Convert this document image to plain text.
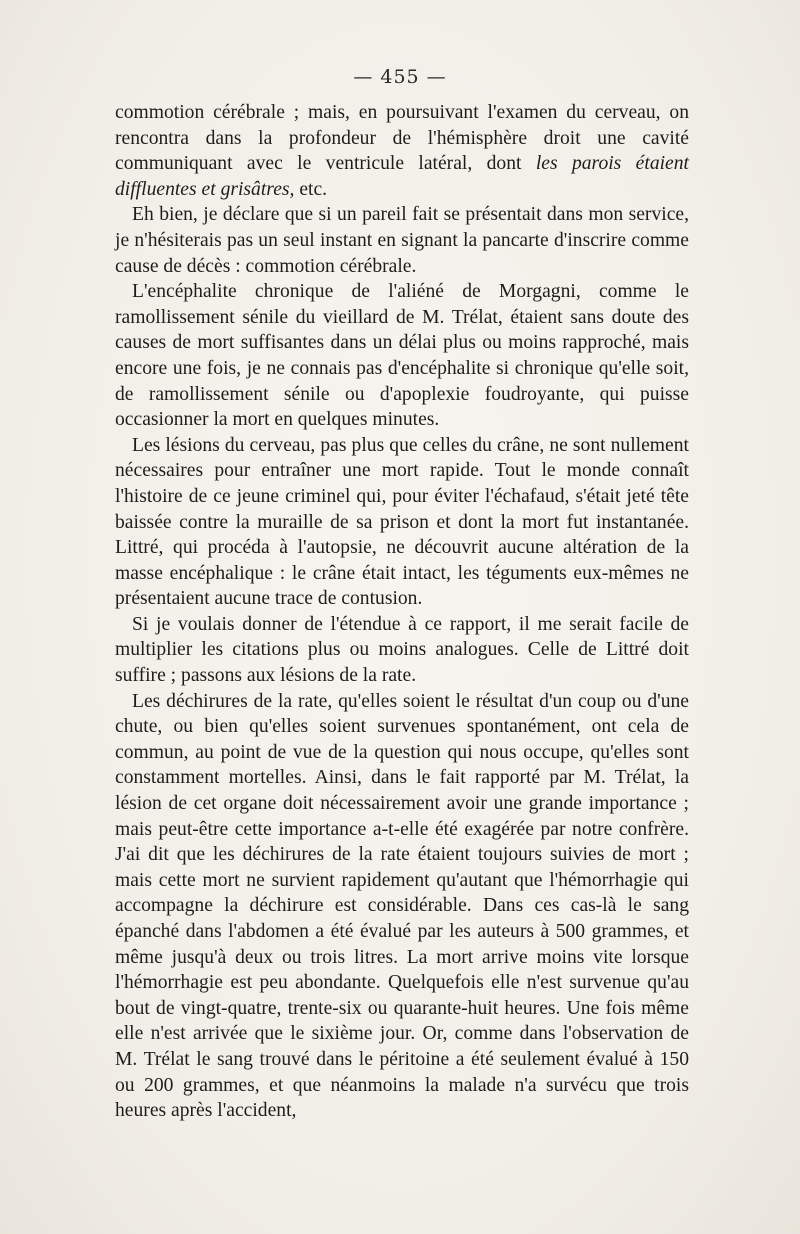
— 455 —

commotion cérébrale ; mais, en poursuivant l'examen du cerveau, on rencontra dans la profondeur de l'hémisphère droit une cavité communiquant avec le ventricule latéral, dont les parois étaient diffluentes et grisâtres, etc.

Eh bien, je déclare que si un pareil fait se présentait dans mon service, je n'hésiterais pas un seul instant en signant la pancarte d'inscrire comme cause de décès : commotion cérébrale.

L'encéphalite chronique de l'aliéné de Morgagni, comme le ramollissement sénile du vieillard de M. Trélat, étaient sans doute des causes de mort suffisantes dans un délai plus ou moins rapproché, mais encore une fois, je ne connais pas d'encéphalite si chronique qu'elle soit, de ramollissement sénile ou d'apoplexie foudroyante, qui puisse occasionner la mort en quelques minutes.

Les lésions du cerveau, pas plus que celles du crâne, ne sont nullement nécessaires pour entraîner une mort rapide. Tout le monde connaît l'histoire de ce jeune criminel qui, pour éviter l'échafaud, s'était jeté tête baissée contre la muraille de sa prison et dont la mort fut instantanée. Littré, qui procéda à l'autopsie, ne découvrit aucune altération de la masse encéphalique : le crâne était intact, les téguments eux-mêmes ne présentaient aucune trace de contusion.

Si je voulais donner de l'étendue à ce rapport, il me serait facile de multiplier les citations plus ou moins analogues. Celle de Littré doit suffire ; passons aux lésions de la rate.

Les déchirures de la rate, qu'elles soient le résultat d'un coup ou d'une chute, ou bien qu'elles soient survenues spontanément, ont cela de commun, au point de vue de la question qui nous occupe, qu'elles sont constamment mortelles. Ainsi, dans le fait rapporté par M. Trélat, la lésion de cet organe doit nécessairement avoir une grande importance ; mais peut-être cette importance a-t-elle été exagérée par notre confrère. J'ai dit que les déchirures de la rate étaient toujours suivies de mort ; mais cette mort ne survient rapidement qu'autant que l'hémorrhagie qui accompagne la déchirure est considérable. Dans ces cas-là le sang épanché dans l'abdomen a été évalué par les auteurs à 500 grammes, et même jusqu'à deux ou trois litres. La mort arrive moins vite lorsque l'hémorrhagie est peu abondante. Quelquefois elle n'est survenue qu'au bout de vingt-quatre, trente-six ou quarante-huit heures. Une fois même elle n'est arrivée que le sixième jour. Or, comme dans l'observation de M. Trélat le sang trouvé dans le péritoine a été seulement évalué à 150 ou 200 grammes, et que néanmoins la malade n'a survécu que trois heures après l'accident,
